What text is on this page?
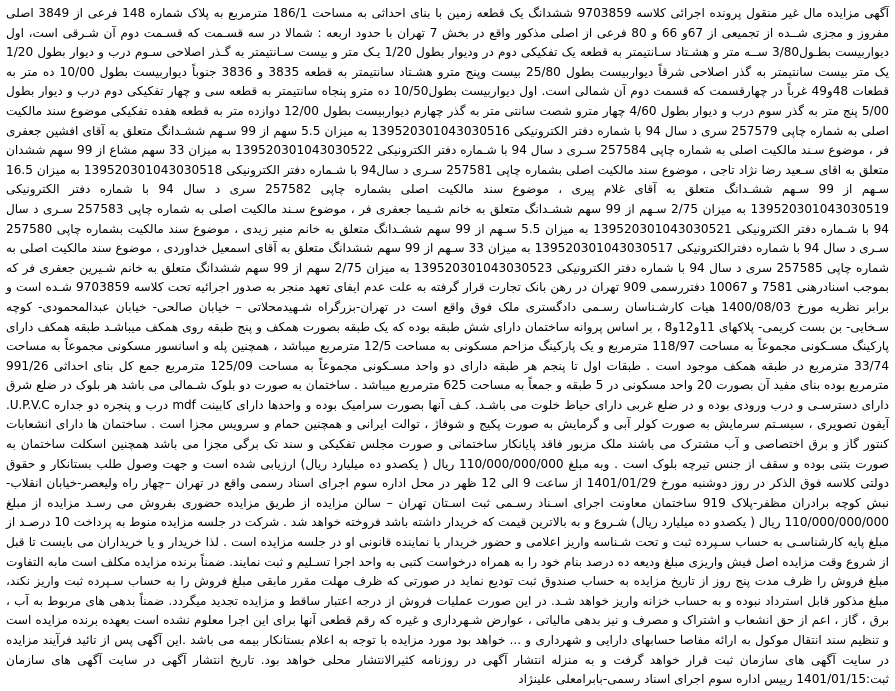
آگهی مزایده مال غیر منقول پرونده اجرائی کلاسه 9703859 ششدانگ یک قطعه زمین با بنای احداثی به مساحت 186/1 مترمربع به پلاک شماره 148 فرعی از 3849 اصلی مفروز و مجزی شــده از تجمیعی از 67و 66 و 80 فرعی از اصلی مذکور واقع در بخش 7 تهران با حدود اربعه : شمالا در سه قسـمت که قسـمت دوم آن شـرقی است، اول دیواربیست بطـول3/80 ســه متر و هشـتاد سـانتیمتر به قطعه یک تفکیکی دوم در ودیوار بطول 1/20 یـک متر و بیست سـانتیمتر به گـذر اصلاحی سـوم درب و دیوار بطول 1/20 یک متر بیست سانتیمتر به گذر اصلاحی شرقاً دیواربیست بطول 25/80 بیست وپنج مترو هشـتاد سانتیمتر به قطعه 3835 و 3836 جنوباً دیواربیست بطول 10/00 ده متر به قطعات 48و49 غرباً در چهارقسمت که قسمت دوم آن شمالی است. اول دیواربیست بطول10/50 ده مترو پنجاه سانتیمتر به قطعه سی و چهار تفکیکی دوم درب و دیوار بطول 5/00 پنج متر به گذر سوم درب و دیوار بطول 4/60 چهار مترو شصت سانتی متر به گذر چهارم دیواربیست بطول 12/00 دوازده متر به قطعه هفده تفکیکی موضوع سند مالکیت اصلی به شماره چاپی 257579 سری د سال 94 با شماره دفتر الکترونیکی 139520301043030516 به میزان 5.5 سهم از 99 سـهم ششـدانگ متعلق به آقای افشین جعفری فر ، موضوع سـند مالکیت اصلی به شماره چاپی 257584 سـری د سال 94 با شـماره دفتر الکترونیکی 139520301043030522 به میزان 33 سهم مشاع از 99 سهم ششدان متعلق به اقای سـعید رضا نژاد تاجی ، موضوع سند مالکیت اصلی بشماره چاپی 257581 سـری د سال94 با شـماره دفتر الکترونیکی 139520301043030518 به میزان 16.5 سـهم از 99 سـهم ششـدانگ متعلق به آقای غلام پیری ، موضوع سند مالکیت اصلی بشماره چاپی 257582 سری د سال 94 با شماره دفتر الکترونیکی 139520301043030519 به میزان 2/75 سـهم از 99 سهم ششـدانگ متعلق به خانم شـیما جعفری فر ، موضوع سـند مالکیت اصلی به شماره چاپی 257583 سـری د سال 94 با شـماره دفتر الکترونیکی 139520301043030521 به میزان 5.5 سـهم از 99 سهم ششـدانگ متعلق به خانم منیر زیدی ، موضوع سند مالکیت بشماره چاپی 257580 سـری د سال 94 با شماره دفترالکترونیکی 139520301043030517 به میزان 33 سـهم از 99 سهم ششدانگ متعلق به آقای اسمعیل خداوردی ، موضوع سند مالکیت اصلی به شماره چاپی 257585 سری د سال 94 با شماره دفتر الکترونیکی 139520301043030523 به میزان 2/75 سهم از 99 سهم ششدانگ متعلق به خانم شـیرین جعفری فر که بموجب اسنادرهنی 7581 و 10067 دفتررسمی 909 تهران در رهن بانک تجارت قرار گرفته به علت عدم ایفای تعهد منجر به صدور اجرائیه تحت کلاسه 9703859 شـده است و برابر نظریه مورخ 1400/08/03 هیات کارشـناسان رسـمی دادگستری ملک فوق واقع است در تهران-بزرگراه شـهیدمحلاتی – خیابان صالحی- خیابان عبدالمحمودی- کوچه سـخایی- بن بست کریمی- پلاکهای 11و12و8 ، بر اساس پروانه ساختمان دارای شش طبقه بوده که یک طبقه بصورت همکف و پنج طبقه روی همکف میباشـد طبقه همکف دارای پارکینگ مسـکونی مجموعاً به مساحت 118/97 مترمربع و یک پارکینگ مزاحم مسکونی به مساحت 12/5 مترمربع میباشد ، همچنین پله و اسانسور مسکونی مجموعاً به مساحت 33/74 مترمربع در طبقه همکف موجود است . طبقات اول تا پنجم هر طبقه دارای دو واحد مسـکونی مجموعاً به مساحت 125/09 مترمربع جمع کل بنای احداثی 991/26 مترمربع بوده بنای مفید آن بصورت 20 واحد مسکونی در 5 طبقه و جمعاً به مساحت 625 مترمربع میباشد . ساختمان به صورت دو بلوک شـمالی می باشد هر بلوک در ضلع شرق دارای دسترسـی و درب ورودی بوده و در ضلع غربی دارای حیاط خلوت می باشـد. کـف آنها بصورت سرامیک بوده و واحدها دارای کابینت mdf درب و پنجره دو جداره U.P.V.C. آیفون تصویری ، سیسـتم سرمایش به صورت کولر آبی و گرمایش به صورت پکیج و شوفاژ ، توالت ایرانی و همچنین حمام و سرویس مجزا است . ساختمان ها دارای انشعابات کنتور گاز و برق اختصاصی و آب مشترک می باشند ملک مزبور فاقد پایانکار ساختمانی و صورت مجلس تفکیکی و سند تک برگی مجزا می باشد همچنین اسکلت ساختمان به صورت بتنی بوده و سقف از جنس تیرچه بلوک است . وبه مبلغ 110/000/000/000 ریال ( یکصدو ده میلیارد ریال) ارزیابی شده است و جهت وصول طلب بستانکار و حقوق دولتی کلاسه فوق الذکر در روز دوشنبه مورخ 1401/01/29 از ساعت 9 الی 12 ظهر در محل اداره سوم اجرای اسناد رسمی واقع در تهران –چهار راه ولیعصر-خیابان انقلاب-نبش کوچه برادران مظفر-پلاک 919 ساختمان معاونت اجرای اسـناد رسـمی ثبت اسـتان تهران – سالن مزایده از طریق مزایده حضوری بفروش می رسـد مزایده از مبلغ 110/000/000/000 ریال ( یکصدو ده میلیارد ریال) شـروع و به بالاترین قیمت که خریدار داشته باشد فروخته خواهد شد . شرکت در جلسه مزایده منوط به پرداخت 10 درصـد از مبلغ پایه کارشناسـی به حساب سـپرده ثبت و تحت شـناسه واریز اعلامی و حضور خریدار یا نماینده قانونی او در جلسه مزایده است . لذا خریدار و یا خریداران می بایست تا قبل از شروع وقت مزایده اصل فیش واریزی مبلغ ودیعه ده درصد بنام خود را به همراه درخواست کتبی به واحد اجرا تسـلیم و ثبت نمایند. ضمناً برنده مزایده مکلف است مابه التفاوت مبلغ فروش را ظرف مدت پنج روز از تاریخ مزایده به حساب صندوق ثبت تودیع نماید در صورتی که ظرف مهلت مقرر مابقی مبلغ فروش را به حساب سـپرده ثبت واریز نکند، مبلغ مذکور قابل استرداد نبوده و به حساب خزانه واریز خواهد شـد. در این صورت عملیات فروش از درجه اعتبار ساقط و مزایده تجدید میگردد. ضمناً بدهی های مربوط به آب ، برق ، گاز ، اعم از حق انشعاب و اشتراک و مصرف و نیز بدهی مالیاتی ، عوارض شـهرداری و غیره که رقم قطعی آنها برای این اجرا معلوم نشده است بعهده برنده مزایده است و تنظیم سند انتقال موکول به ارائه مفاصا حسابهای دارایی و شهرداری و ... خواهد بود مورد مزایده با توجه به اعلام بستانکار بیمه می باشد .این آگهی پس از تائید فرآیند مزایده در سایت آگهی های سازمان ثبت قرار خواهد گرفت و به منزله انتشار آگهی در روزنامه کثیرالانتشار محلی خواهد بود. تاریخ انتشار آگهی در سایت آگهی های سازمان ثبت:1401/01/15 رییس اداره سوم اجرای اسناد رسمی-بابرامعلی علینژاد
